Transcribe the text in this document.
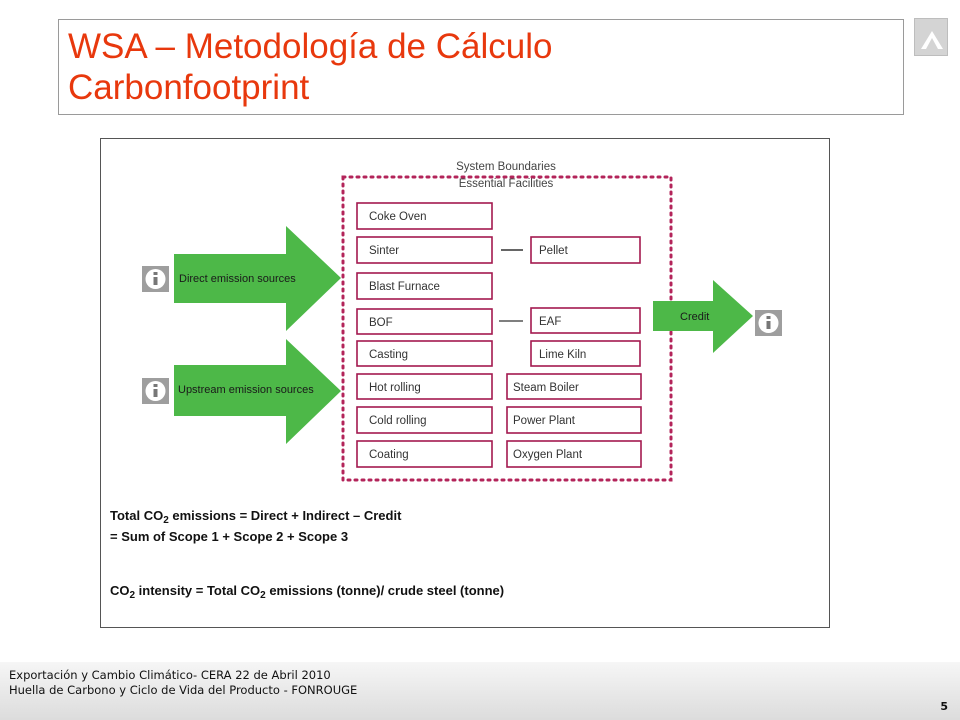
WSA – Metodología de Cálculo
Carbonfootprint
System Boundaries
Essential Facilities
Coke Oven
Sinter
Blast Furnace
BOF
Casting
Hot rolling
Cold rolling
Coating
Pellet
EAF
Lime Kiln
Steam Boiler
Power Plant
Oxygen Plant
Direct emission sources
Upstream emission sources
Credit
Total $CO_2$ emissions = Direct + Indirect – Credit
= Sum of Scope 1 + Scope 2 + Scope 3
$CO_2$ intensity = Total $CO_2$ emissions (tonne)/ crude steel (tonne)
Exportación y Cambio Climático- CERA 22 de Abril 2010
Huella de Carbono y Ciclo de Vida del Producto - FONROUGE
5
